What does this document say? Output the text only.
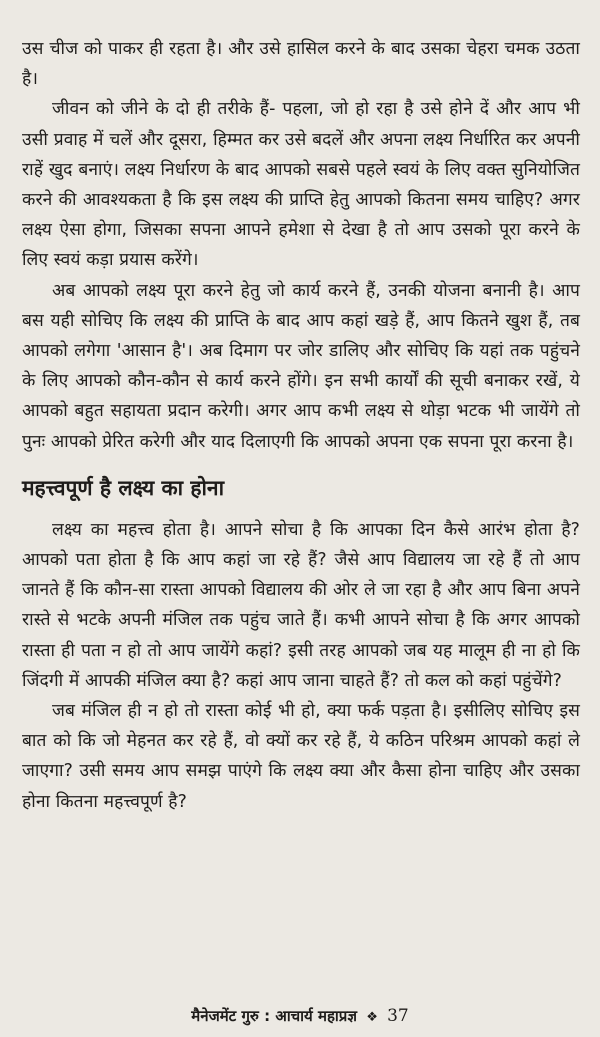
उस चीज को पाकर ही रहता है। और उसे हासिल करने के बाद उसका चेहरा चमक उठता है।

जीवन को जीने के दो ही तरीके हैं- पहला, जो हो रहा है उसे होने दें और आप भी उसी प्रवाह में चलें और दूसरा, हिम्मत कर उसे बदलें और अपना लक्ष्य निर्धारित कर अपनी राहें खुद बनाएं। लक्ष्य निर्धारण के बाद आपको सबसे पहले स्वयं के लिए वक्त सुनियोजित करने की आवश्यकता है कि इस लक्ष्य की प्राप्ति हेतु आपको कितना समय चाहिए? अगर लक्ष्य ऐसा होगा, जिसका सपना आपने हमेशा से देखा है तो आप उसको पूरा करने के लिए स्वयं कड़ा प्रयास करेंगे।

अब आपको लक्ष्य पूरा करने हेतु जो कार्य करने हैं, उनकी योजना बनानी है। आप बस यही सोचिए कि लक्ष्य की प्राप्ति के बाद आप कहां खड़े हैं, आप कितने खुश हैं, तब आपको लगेगा 'आसान है'। अब दिमाग पर जोर डालिए और सोचिए कि यहां तक पहुंचने के लिए आपको कौन-कौन से कार्य करने होंगे। इन सभी कार्यों की सूची बनाकर रखें, ये आपको बहुत सहायता प्रदान करेगी। अगर आप कभी लक्ष्य से थोड़ा भटक भी जायेंगे तो पुनः आपको प्रेरित करेगी और याद दिलाएगी कि आपको अपना एक सपना पूरा करना है।

महत्त्वपूर्ण है लक्ष्य का होना

लक्ष्य का महत्त्व होता है। आपने सोचा है कि आपका दिन कैसे आरंभ होता है? आपको पता होता है कि आप कहां जा रहे हैं? जैसे आप विद्यालय जा रहे हैं तो आप जानते हैं कि कौन-सा रास्ता आपको विद्यालय की ओर ले जा रहा है और आप बिना अपने रास्ते से भटके अपनी मंजिल तक पहुंच जाते हैं। कभी आपने सोचा है कि अगर आपको रास्ता ही पता न हो तो आप जायेंगे कहां? इसी तरह आपको जब यह मालूम ही ना हो कि जिंदगी में आपकी मंजिल क्या है? कहां आप जाना चाहते हैं? तो कल को कहां पहुंचेंगे?

जब मंजिल ही न हो तो रास्ता कोई भी हो, क्या फर्क पड़ता है। इसीलिए सोचिए इस बात को कि जो मेहनत कर रहे हैं, वो क्यों कर रहे हैं, ये कठिन परिश्रम आपको कहां ले जाएगा? उसी समय आप समझ पाएंगे कि लक्ष्य क्या और कैसा होना चाहिए और उसका होना कितना महत्त्वपूर्ण है?

मैनेजमेंट गुरु : आचार्य महाप्रज्ञ ❖ 37
